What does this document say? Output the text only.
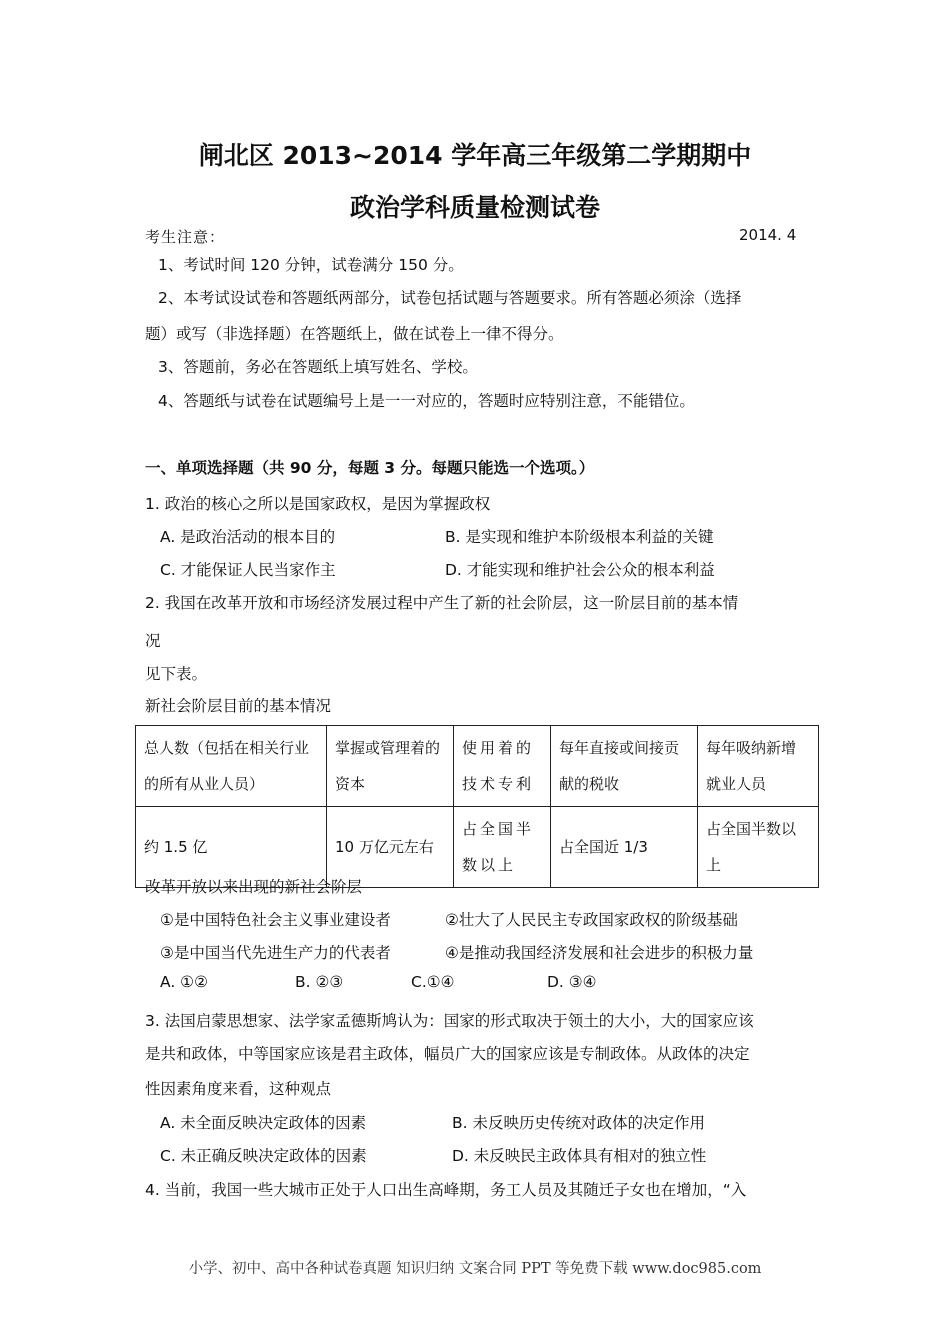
闸北区 2013~2014 学年高三年级第二学期期中
政治学科质量检测试卷
考生注意：	2014. 4
1、考试时间 120 分钟，试卷满分 150 分。
2、本考试设试卷和答题纸两部分，试卷包括试题与答题要求。所有答题必须涂（选择
题）或写（非选择题）在答题纸上，做在试卷上一律不得分。
3、答题前，务必在答题纸上填写姓名、学校。
4、答题纸与试卷在试题编号上是一一对应的，答题时应特别注意，不能错位。
一、单项选择题（共 90 分，每题 3 分。每题只能选一个选项。）
1. 政治的核心之所以是国家政权，是因为掌握政权
A. 是政治活动的根本目的	B. 是实现和维护本阶级根本利益的关键
C. 才能保证人民当家作主	D. 才能实现和维护社会公众的根本利益
2. 我国在改革开放和市场经济发展过程中产生了新的社会阶层，这一阶层目前的基本情
况
见下表。
新社会阶层目前的基本情况
总人数（包括在相关行业的所有从业人员）	掌握或管理着的资本	使用着的技术专利	每年直接或间接贡献的税收	每年吸纳新增就业人员
约 1.5 亿	10 万亿元左右	占全国半数以上	占全国近 1/3	占全国半数以上
改革开放以来出现的新社会阶层
①是中国特色社会主义事业建设者	②壮大了人民民主专政国家政权的阶级基础
③是中国当代先进生产力的代表者	④是推动我国经济发展和社会进步的积极力量
A. ①②	B. ②③	C.①④	D. ③④
3. 法国启蒙思想家、法学家孟德斯鸠认为：国家的形式取决于领土的大小，大的国家应该
是共和政体，中等国家应该是君主政体，幅员广大的国家应该是专制政体。从政体的决定
性因素角度来看，这种观点
A. 未全面反映决定政体的因素	B. 未反映历史传统对政体的决定作用
C. 未正确反映决定政体的因素	D. 未反映民主政体具有相对的独立性
4. 当前，我国一些大城市正处于人口出生高峰期，务工人员及其随迁子女也在增加，“入
小学、初中、高中各种试卷真题 知识归纳 文案合同 PPT 等免费下载 www.doc985.com
